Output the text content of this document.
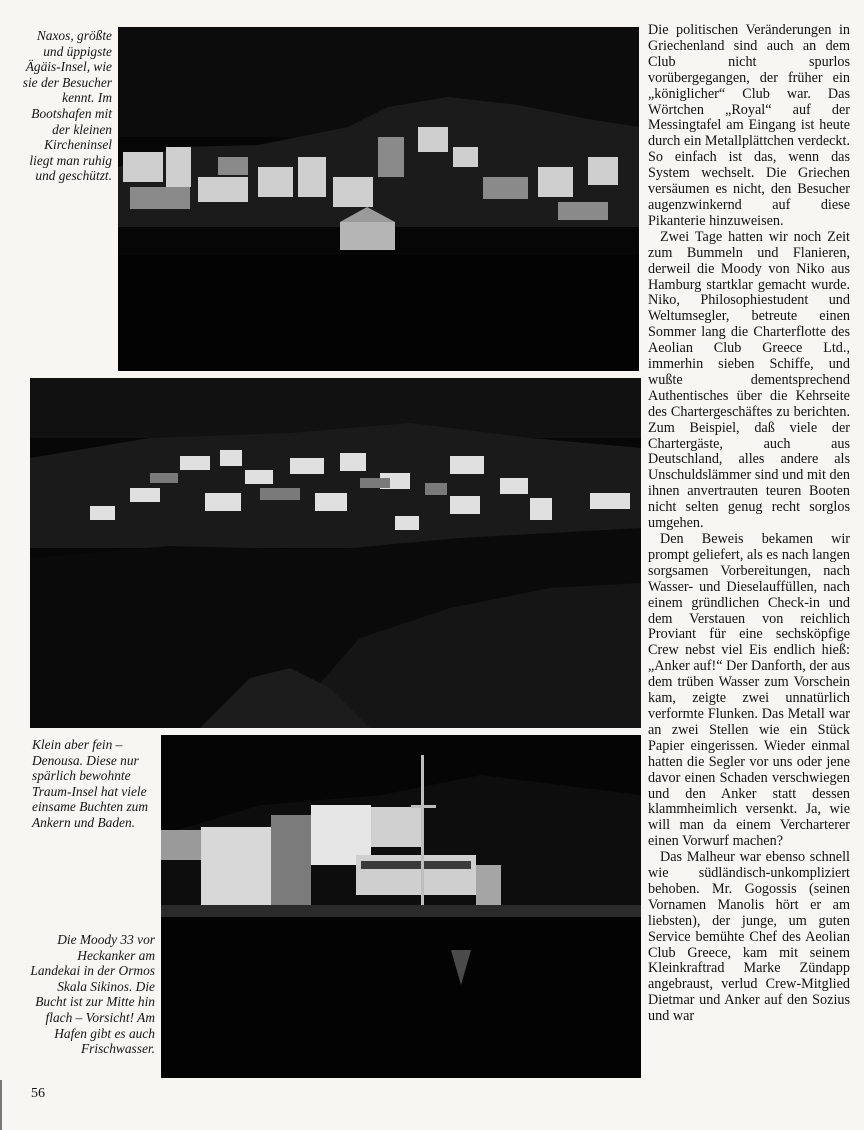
Naxos, größte und üppigste Ägäis-Insel, wie sie der Besucher kennt. Im Bootshafen mit der kleinen Kircheninsel liegt man ruhig und geschützt.

Klein aber fein – Denousa. Diese nur spärlich bewohnte Traum-Insel hat viele einsame Buchten zum Ankern und Baden.

Die Moody 33 vor Heckanker am Landekai in der Ormos Skala Sikinos. Die Bucht ist zur Mitte hin flach – Vorsicht! Am Hafen gibt es auch Frischwasser.

Die politischen Veränderungen in Griechenland sind auch an dem Club nicht spurlos vorübergegangen, der früher ein „königlicher“ Club war. Das Wörtchen „Royal“ auf der Messingtafel am Eingang ist heute durch ein Metallplättchen verdeckt. So einfach ist das, wenn das System wechselt. Die Griechen versäumen es nicht, den Besucher augenzwinkernd auf diese Pikanterie hinzuweisen.

Zwei Tage hatten wir noch Zeit zum Bummeln und Flanieren, derweil die Moody von Niko aus Hamburg startklar gemacht wurde. Niko, Philosophiestudent und Weltumsegler, betreute einen Sommer lang die Charterflotte des Aeolian Club Greece Ltd., immerhin sieben Schiffe, und wußte dementsprechend Authentisches über die Kehrseite des Chartergeschäftes zu berichten. Zum Beispiel, daß viele der Chartergäste, auch aus Deutschland, alles andere als Unschuldslämmer sind und mit den ihnen anvertrauten teuren Booten nicht selten genug recht sorglos umgehen.

Den Beweis bekamen wir prompt geliefert, als es nach langen sorgsamen Vorbereitungen, nach Wasser- und Dieselauffüllen, nach einem gründlichen Check-in und dem Verstauen von reichlich Proviant für eine sechsköpfige Crew nebst viel Eis endlich hieß: „Anker auf!“ Der Danforth, der aus dem trüben Wasser zum Vorschein kam, zeigte zwei unnatürlich verformte Flunken. Das Metall war an zwei Stellen wie ein Stück Papier eingerissen. Wieder einmal hatten die Segler vor uns oder jene davor einen Schaden verschwiegen und den Anker statt dessen klammheimlich versenkt. Ja, wie will man da einem Vercharterer einen Vorwurf machen?

Das Malheur war ebenso schnell wie südländisch-unkompliziert behoben. Mr. Gogossis (seinen Vornamen Manolis hört er am liebsten), der junge, um guten Service bemühte Chef des Aeolian Club Greece, kam mit seinem Kleinkraftrad Marke Zündapp angebraust, verlud Crew-Mitglied Dietmar und Anker auf den Sozius und war

56
